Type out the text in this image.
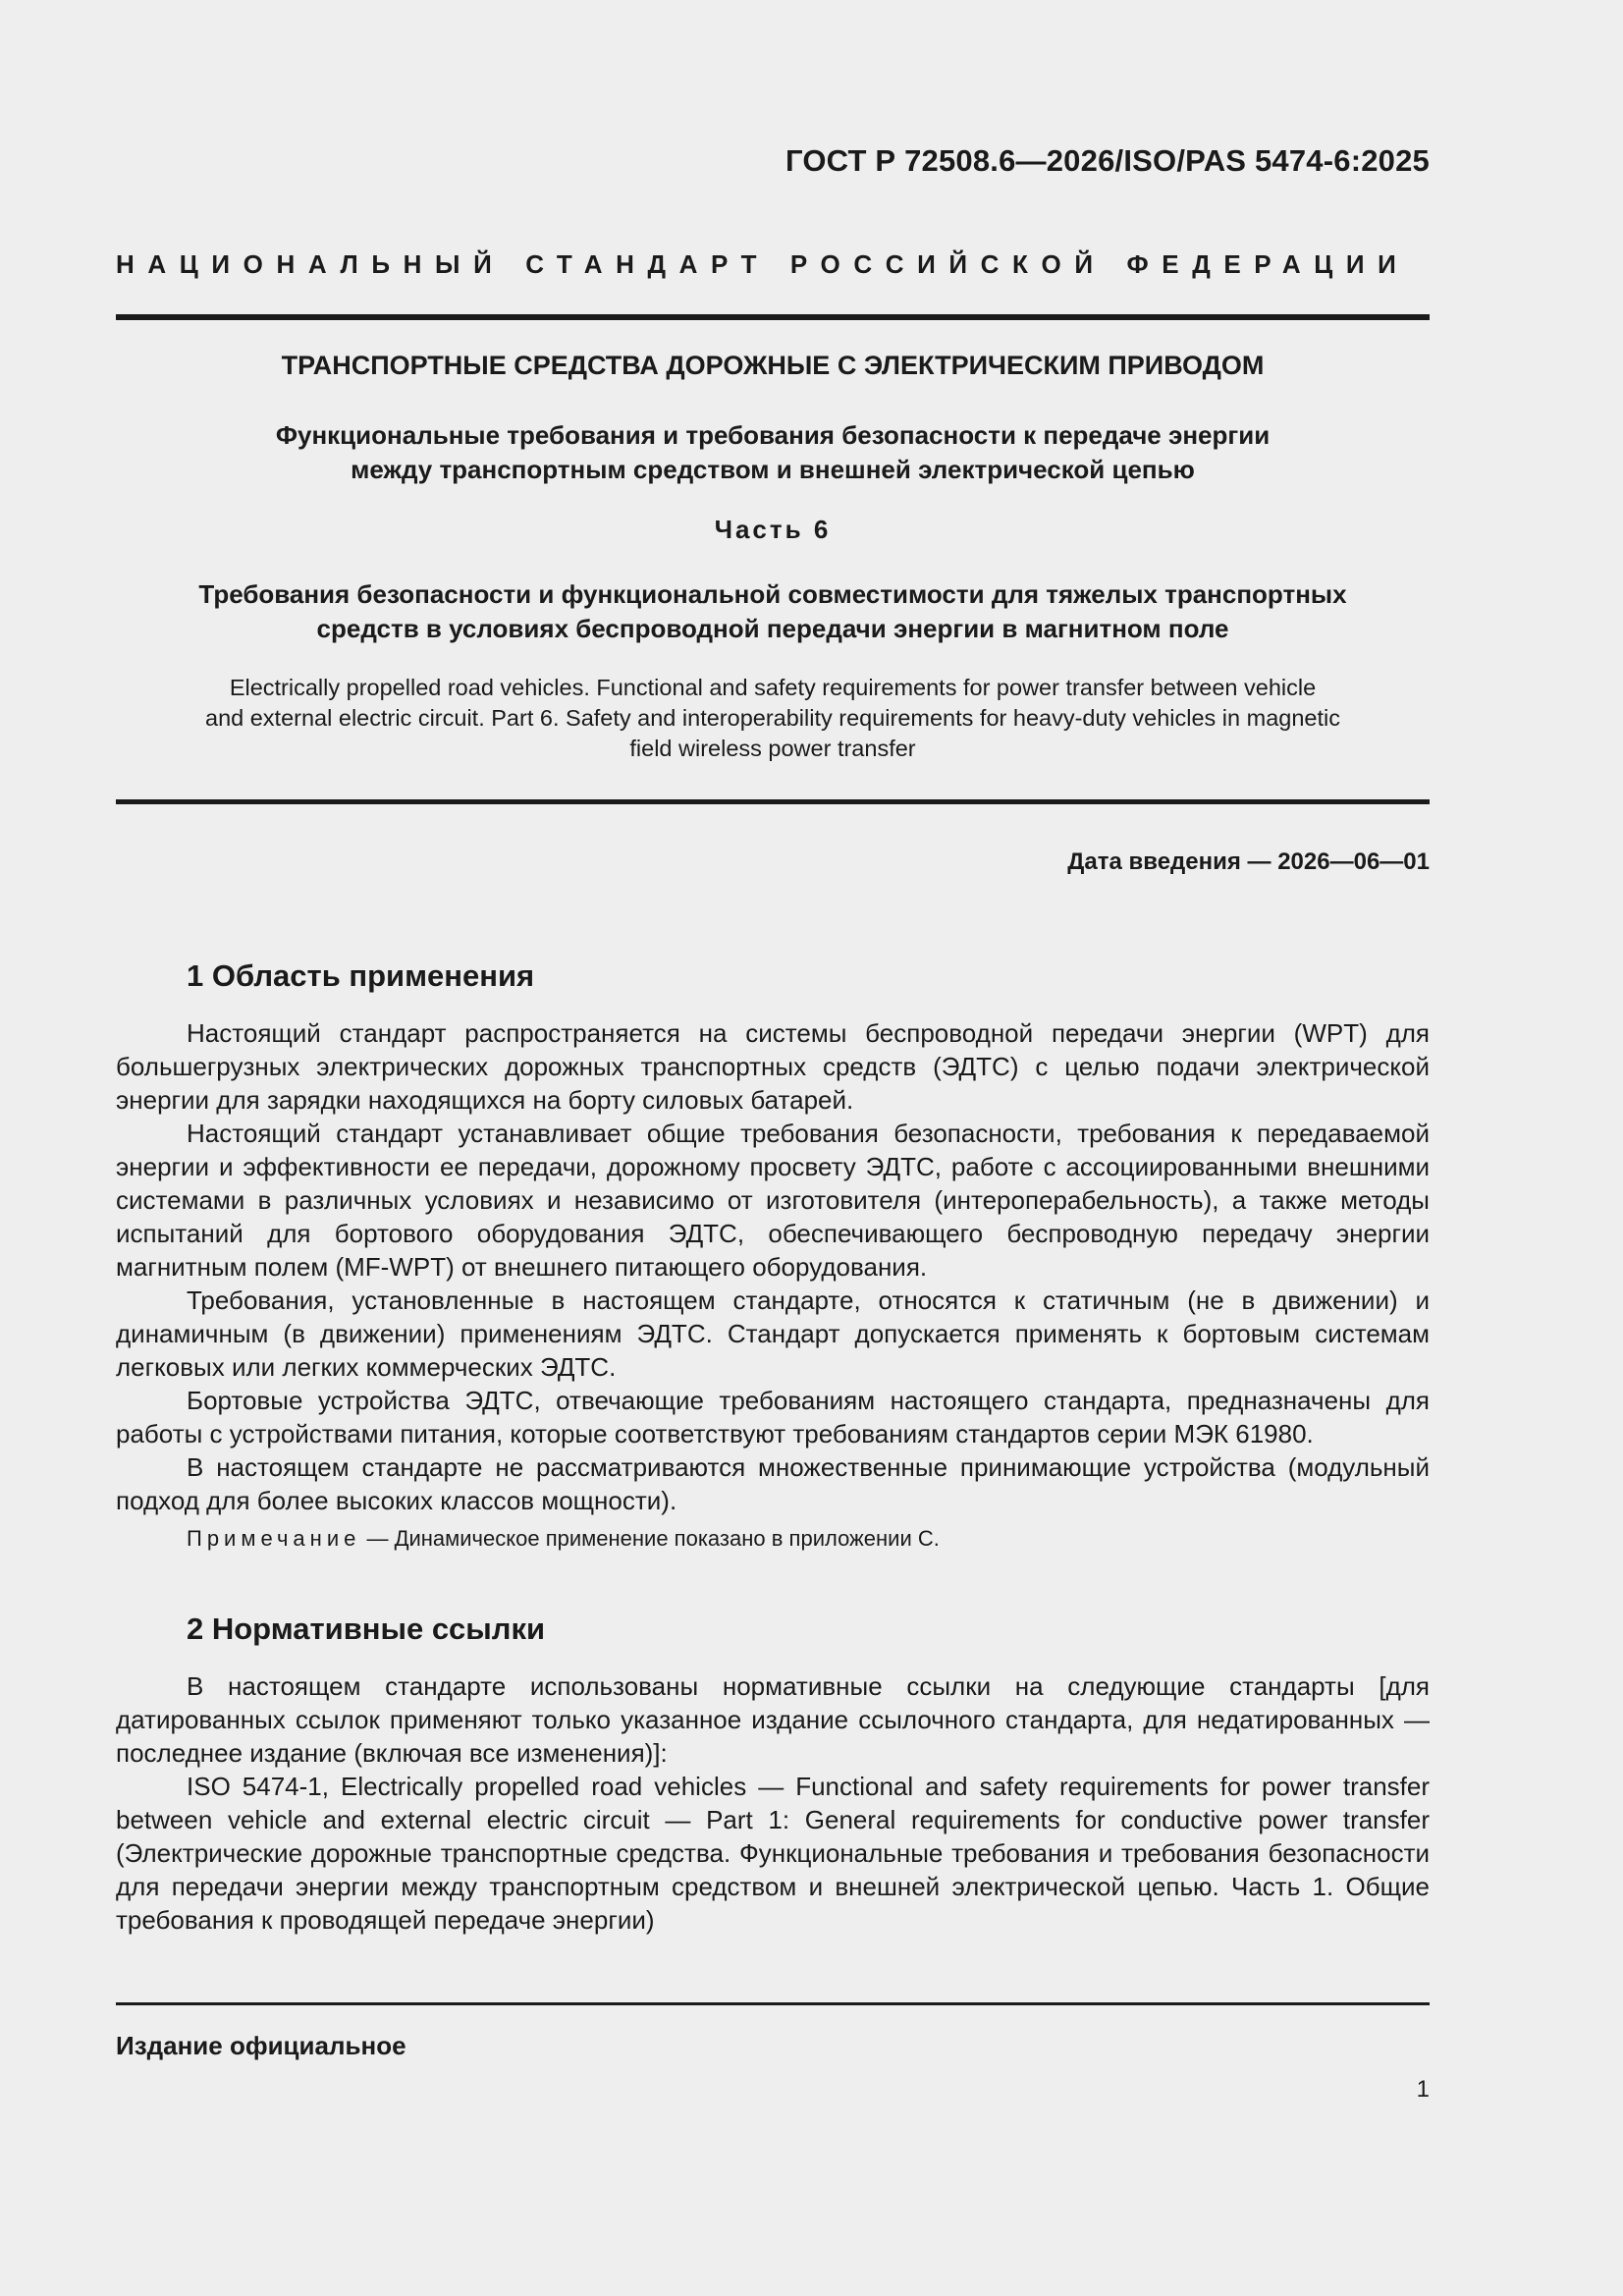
ГОСТ Р 72508.6—2026/ISO/PAS 5474-6:2025
НАЦИОНАЛЬНЫЙ СТАНДАРТ РОССИЙСКОЙ ФЕДЕРАЦИИ
ТРАНСПОРТНЫЕ СРЕДСТВА ДОРОЖНЫЕ С ЭЛЕКТРИЧЕСКИМ ПРИВОДОМ
Функциональные требования и требования безопасности к передаче энергии
между транспортным средством и внешней электрической цепью
Часть 6
Требования безопасности и функциональной совместимости для тяжелых транспортных
средств в условиях беспроводной передачи энергии в магнитном поле
Electrically propelled road vehicles. Functional and safety requirements for power transfer between vehicle
and external electric circuit. Part 6. Safety and interoperability requirements for heavy-duty vehicles in magnetic
field wireless power transfer
Дата введения — 2026—06—01
1 Область применения

Настоящий стандарт распространяется на системы беспроводной передачи энергии (WPT) для большегрузных электрических дорожных транспортных средств (ЭДТС) с целью подачи электрической энергии для зарядки находящихся на борту силовых батарей.

Настоящий стандарт устанавливает общие требования безопасности, требования к передаваемой энергии и эффективности ее передачи, дорожному просвету ЭДТС, работе с ассоциированными внешними системами в различных условиях и независимо от изготовителя (интероперабельность), а также методы испытаний для бортового оборудования ЭДТС, обеспечивающего беспроводную передачу энергии магнитным полем (MF-WPT) от внешнего питающего оборудования.

Требования, установленные в настоящем стандарте, относятся к статичным (не в движении) и динамичным (в движении) применениям ЭДТС. Стандарт допускается применять к бортовым системам легковых или легких коммерческих ЭДТС.

Бортовые устройства ЭДТС, отвечающие требованиям настоящего стандарта, предназначены для работы с устройствами питания, которые соответствуют требованиям стандартов серии МЭК 61980.

В настоящем стандарте не рассматриваются множественные принимающие устройства (модульный подход для более высоких классов мощности).

Примечание — Динамическое применение показано в приложении С.
2 Нормативные ссылки

В настоящем стандарте использованы нормативные ссылки на следующие стандарты [для датированных ссылок применяют только указанное издание ссылочного стандарта, для недатированных — последнее издание (включая все изменения)]:

ISO 5474-1, Electrically propelled road vehicles — Functional and safety requirements for power transfer between vehicle and external electric circuit — Part 1: General requirements for conductive power transfer (Электрические дорожные транспортные средства. Функциональные требования и требования безопасности для передачи энергии между транспортным средством и внешней электрической цепью. Часть 1. Общие требования к проводящей передаче энергии)

Издание официальное
1
